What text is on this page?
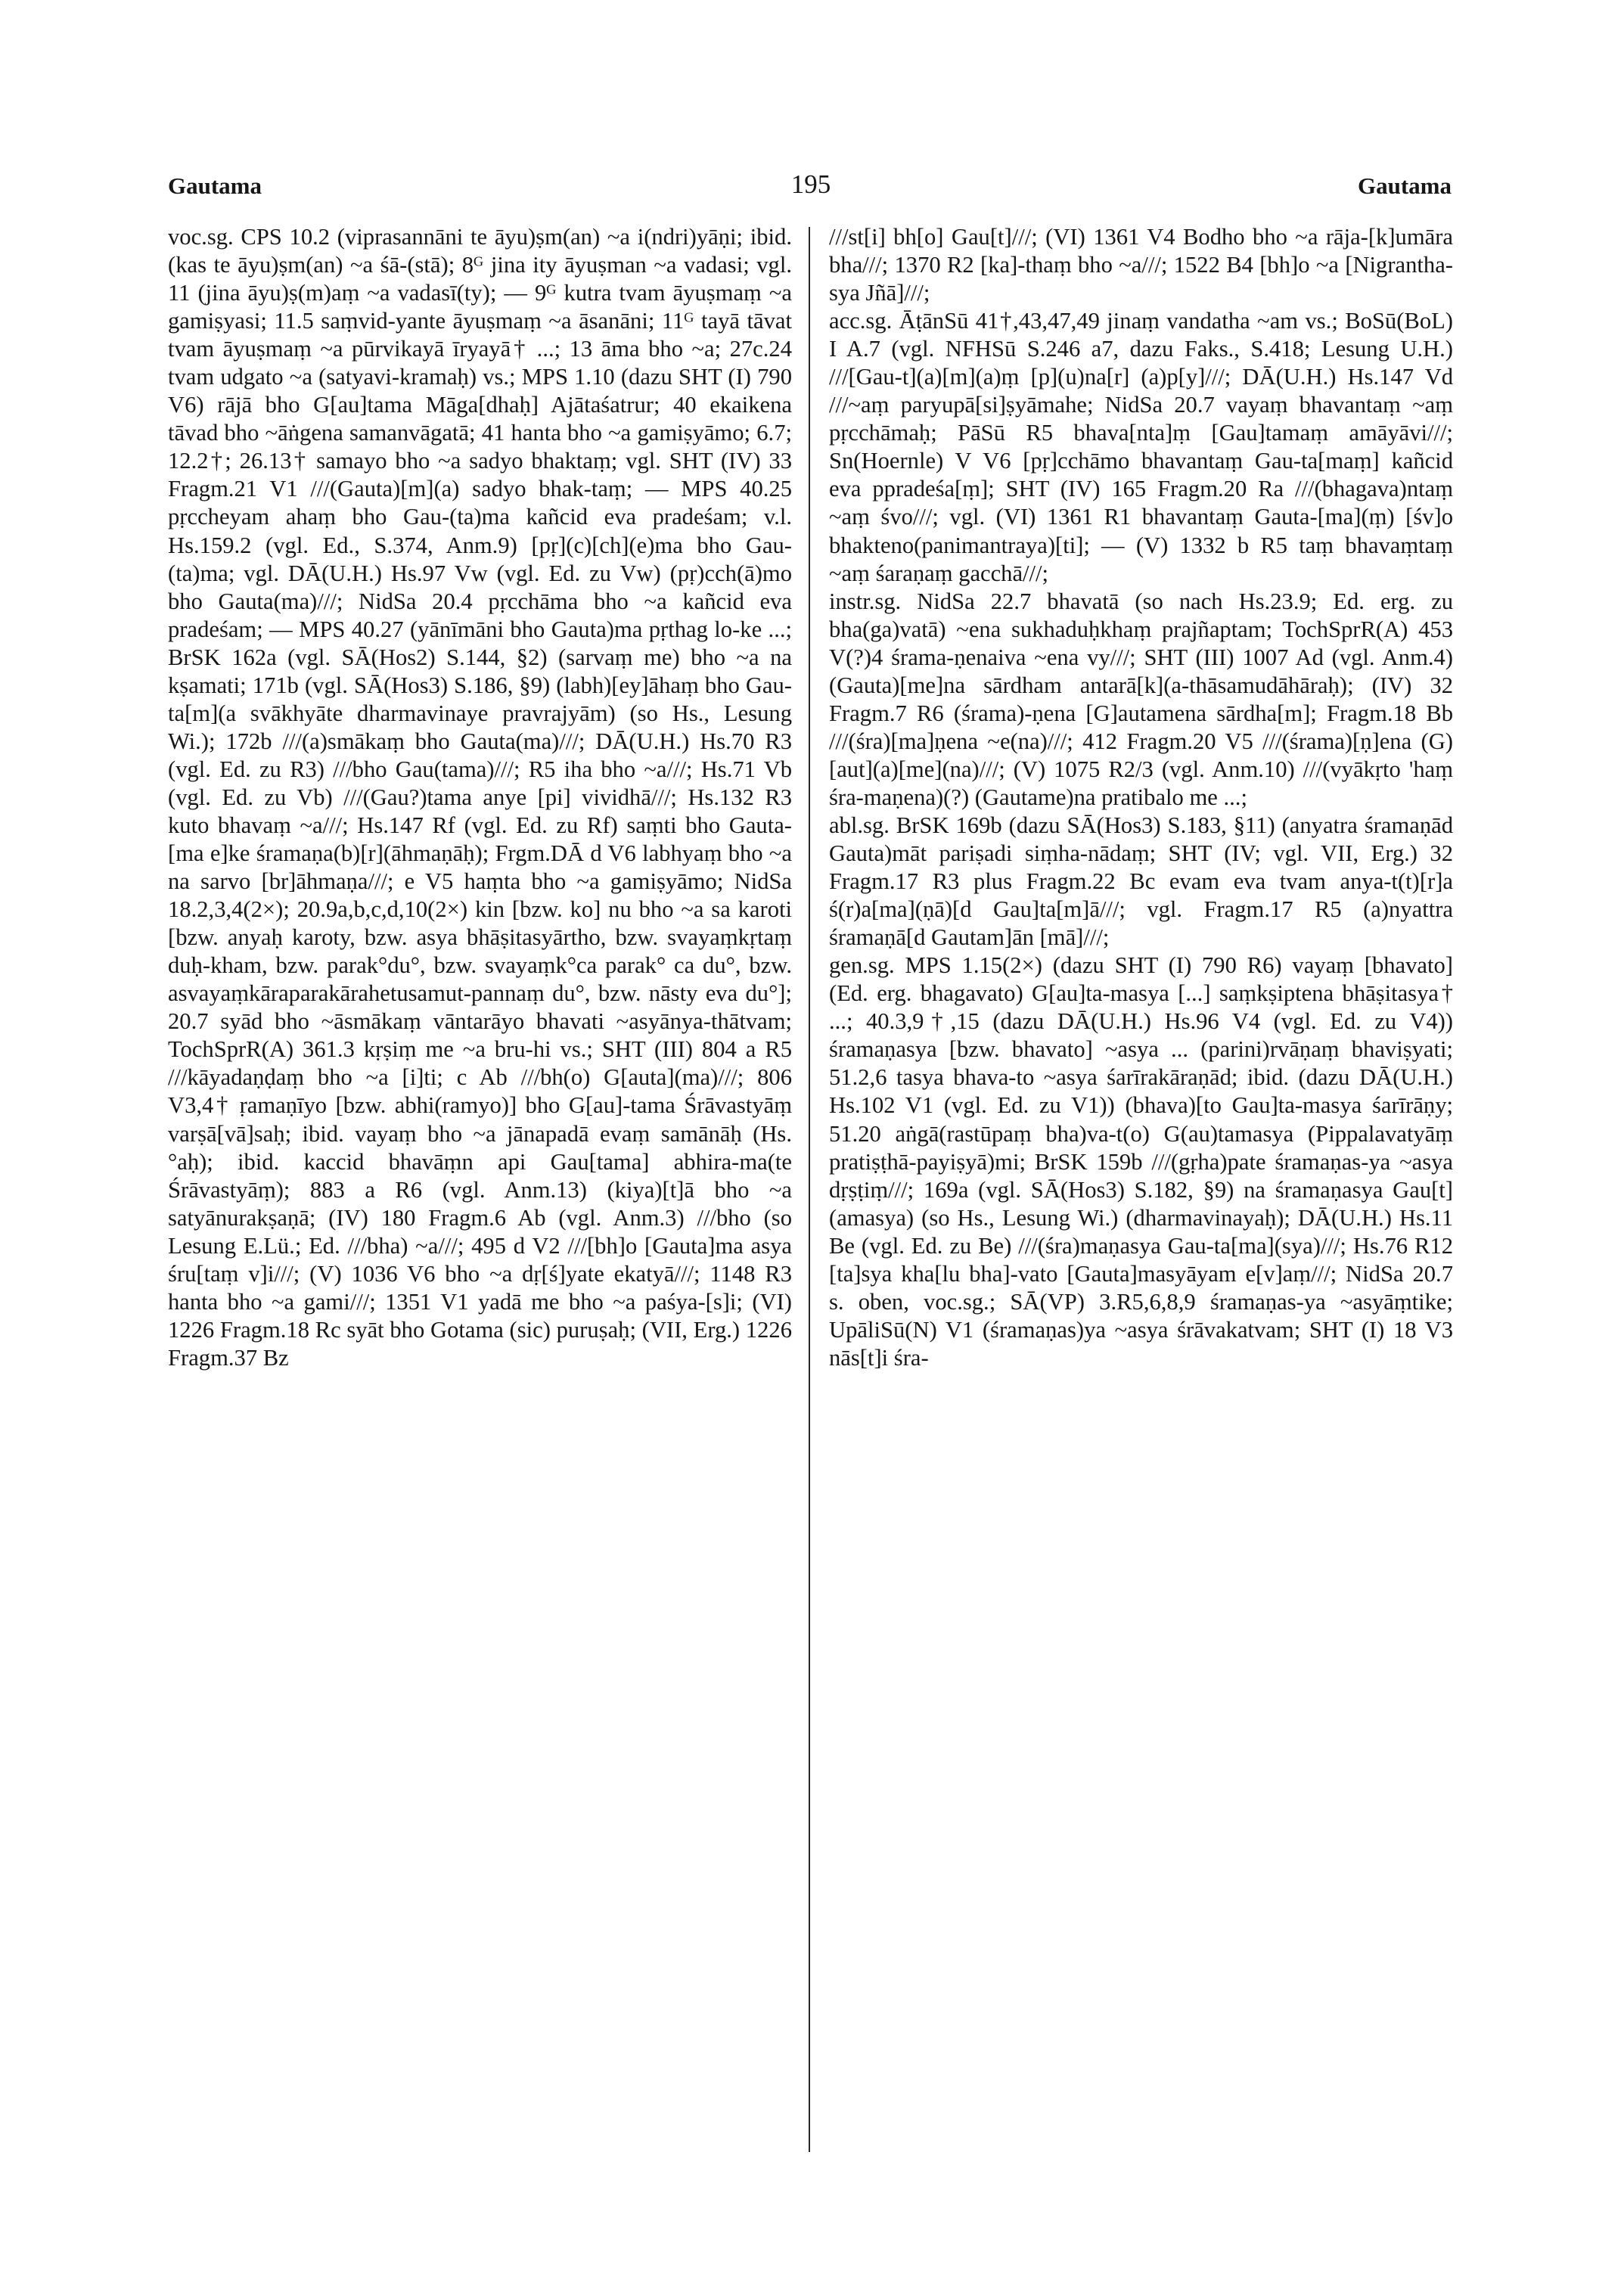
Gautama	195	Gautama

voc.sg. CPS 10.2 (viprasannāni te āyu)ṣm(an) ~a i(ndri)yāṇi; ibid. (kas te āyu)ṣm(an) ~a śā-(stā); 8ᴳ jina ity āyuṣman ~a vadasi; vgl. 11 (jina āyu)ṣ(m)aṃ ~a vadasī(ty); — 9ᴳ kutra tvam āyuṣmaṃ ~a gamiṣyasi; 11.5 saṃvid-yante āyuṣmaṃ ~a āsanāni; 11ᴳ tayā tāvat tvam āyuṣmaṃ ~a pūrvikayā īryayā† ...; 13 āma bho ~a; 27c.24 tvam udgato ~a (satyavi-kramaḥ) vs.; MPS 1.10 (dazu SHT (I) 790 V6) rājā bho G[au]tama Māga[dhaḥ] Ajātaśatrur; 40 ekaikena tāvad bho ~āṅgena samanvāgatā; 41 hanta bho ~a gamiṣyāmo; 6.7; 12.2†; 26.13† samayo bho ~a sadyo bhaktaṃ; vgl. SHT (IV) 33 Fragm.21 V1 ///(Gauta)[m](a) sadyo bhak-taṃ; — MPS 40.25 pṛccheyam ahaṃ bho Gau-(ta)ma kañcid eva pradeśam; v.l. Hs.159.2 (vgl. Ed., S.374, Anm.9) [pṛ](c)[ch](e)ma bho Gau-(ta)ma; vgl. DĀ(U.H.) Hs.97 Vw (vgl. Ed. zu Vw) (pṛ)cch(ā)mo bho Gauta(ma)///; NidSa 20.4 pṛcchāma bho ~a kañcid eva pradeśam; — MPS 40.27 (yānīmāni bho Gauta)ma pṛthag lo-ke ...; BrSK 162a (vgl. SĀ(Hos2) S.144, §2) (sarvaṃ me) bho ~a na kṣamati; 171b (vgl. SĀ(Hos3) S.186, §9) (labh)[ey]āhaṃ bho Gau-ta[m](a svākhyāte dharmavinaye pravrajyām) (so Hs., Lesung Wi.); 172b ///(a)smākaṃ bho Gauta(ma)///; DĀ(U.H.) Hs.70 R3 (vgl. Ed. zu R3) ///bho Gau(tama)///; R5 iha bho ~a///; Hs.71 Vb (vgl. Ed. zu Vb) ///(Gau?)tama anye [pi] vividhā///; Hs.132 R3 kuto bhavaṃ ~a///; Hs.147 Rf (vgl. Ed. zu Rf) saṃti bho Gauta-[ma e]ke śramaṇa(b)[r](āhmaṇāḥ); Frgm.DĀ d V6 labhyaṃ bho ~a na sarvo [br]āhmaṇa///; e V5 haṃta bho ~a gamiṣyāmo; NidSa 18.2,3,4(2×); 20.9a,b,c,d,10(2×) kin [bzw. ko] nu bho ~a sa karoti [bzw. anyaḥ karoty, bzw. asya bhāṣitasyārtho, bzw. svayaṃkṛtaṃ duḥ-kham, bzw. parak°du°, bzw. svayaṃk°ca parak° ca du°, bzw. asvayaṃkāraparakārahetusamut-pannaṃ du°, bzw. nāsty eva du°]; 20.7 syād bho ~āsmākaṃ vāntarāyo bhavati ~asyānya-thātvam; TochSprR(A) 361.3 kṛṣiṃ me ~a bru-hi vs.; SHT (III) 804 a R5 ///kāyadaṇḍaṃ bho ~a [i]ti; c Ab ///bh(o) G[auta](ma)///; 806 V3,4† ṛamaṇīyo [bzw. abhi(ramyo)] bho G[au]-tama Śrāvastyāṃ varṣā[vā]saḥ; ibid. vayaṃ bho ~a jānapadā evaṃ samānāḥ (Hs. °aḥ); ibid. kaccid bhavāṃn api Gau[tama] abhira-ma(te Śrāvastyāṃ); 883 a R6 (vgl. Anm.13) (kiya)[t]ā bho ~a satyānurakṣaṇā; (IV) 180 Fragm.6 Ab (vgl. Anm.3) ///bho (so Lesung E.Lü.; Ed. ///bha) ~a///; 495 d V2 ///[bh]o [Gauta]ma asya śru[taṃ v]i///; (V) 1036 V6 bho ~a dṛ[ś]yate ekatyā///; 1148 R3 hanta bho ~a gami///; 1351 V1 yadā me bho ~a paśya-[s]i; (VI) 1226 Fragm.18 Rc syāt bho Gotama (sic) puruṣaḥ; (VII, Erg.) 1226 Fragm.37 Bz

///st[i] bh[o] Gau[t]///; (VI) 1361 V4 Bodho bho ~a rāja-[k]umāra bha///; 1370 R2 [ka]-thaṃ bho ~a///; 1522 B4 [bh]o ~a [Nigrantha-sya Jñā]///;

acc.sg. ĀṭānSū 41†,43,47,49 jinaṃ vandatha ~am vs.; BoSū(BoL) I A.7 (vgl. NFHSū S.246 a7, dazu Faks., S.418; Lesung U.H.) ///[Gau-t](a)[m](a)ṃ [p](u)na[r] (a)p[y]///; DĀ(U.H.) Hs.147 Vd ///~aṃ paryupā[si]ṣyāmahe; NidSa 20.7 vayaṃ bhavantaṃ ~aṃ pṛcchāmaḥ; PāSū R5 bhava[nta]ṃ [Gau]tamaṃ amāyāvi///; Sn(Hoernle) V V6 [pṛ]cchāmo bhavantaṃ Gau-ta[maṃ] kañcid eva ppradeśa[ṃ]; SHT (IV) 165 Fragm.20 Ra ///(bhagava)ntaṃ ~aṃ śvo///; vgl. (VI) 1361 R1 bhavantaṃ Gauta-[ma](ṃ) [śv]o bhakteno(panimantraya)[ti]; — (V) 1332 b R5 taṃ bhavaṃtaṃ ~aṃ śaraṇaṃ gacchā///;

instr.sg. NidSa 22.7 bhavatā (so nach Hs.23.9; Ed. erg. zu bha(ga)vatā) ~ena sukhaduḥkhaṃ prajñaptam; TochSprR(A) 453 V(?)4 śrama-ṇenaiva ~ena vy///; SHT (III) 1007 Ad (vgl. Anm.4) (Gauta)[me]na sārdham antarā[k](a-thāsamudāhāraḥ); (IV) 32 Fragm.7 R6 (śrama)-ṇena [G]autamena sārdha[m]; Fragm.18 Bb ///(śra)[ma]ṇena ~e(na)///; 412 Fragm.20 V5 ///(śrama)[ṇ]ena (G)[aut](a)[me](na)///; (V) 1075 R2/3 (vgl. Anm.10) ///(vyākṛto 'haṃ śra-maṇena)(?) (Gautame)na pratibalo me ...;

abl.sg. BrSK 169b (dazu SĀ(Hos3) S.183, §11) (anyatra śramaṇād Gauta)māt pariṣadi siṃha-nādaṃ; SHT (IV; vgl. VII, Erg.) 32 Fragm.17 R3 plus Fragm.22 Bc evam eva tvam anya-t(t)[r]a ś(r)a[ma](ṇā)[d Gau]ta[m]ā///; vgl. Fragm.17 R5 (a)nyattra śramaṇā[d Gautam]ān [mā]///;

gen.sg. MPS 1.15(2×) (dazu SHT (I) 790 R6) vayaṃ [bhavato] (Ed. erg. bhagavato) G[au]ta-masya [...] saṃkṣiptena bhāṣitasya† ...; 40.3,9†,15 (dazu DĀ(U.H.) Hs.96 V4 (vgl. Ed. zu V4)) śramaṇasya [bzw. bhavato] ~asya ... (parini)rvāṇaṃ bhaviṣyati; 51.2,6 tasya bhava-to ~asya śarīrakāraṇād; ibid. (dazu DĀ(U.H.) Hs.102 V1 (vgl. Ed. zu V1)) (bhava)[to Gau]ta-masya śarīrāṇy; 51.20 aṅgā(rastūpaṃ bha)va-t(o) G(au)tamasya (Pippalavatyāṃ pratiṣṭhā-payiṣyā)mi; BrSK 159b ///(gṛha)pate śramaṇas-ya ~asya dṛṣṭiṃ///; 169a (vgl. SĀ(Hos3) S.182, §9) na śramaṇasya Gau[t](amasya) (so Hs., Lesung Wi.) (dharmavinayaḥ); DĀ(U.H.) Hs.11 Be (vgl. Ed. zu Be) ///(śra)maṇasya Gau-ta[ma](sya)///; Hs.76 R12 [ta]sya kha[lu bha]-vato [Gauta]masyāyam e[v]aṃ///; NidSa 20.7 s. oben, voc.sg.; SĀ(VP) 3.R5,6,8,9 śramaṇas-ya ~asyāṃtike; UpāliSū(N) V1 (śramaṇas)ya ~asya śrāvakatvam; SHT (I) 18 V3 nās[t]i śra-
